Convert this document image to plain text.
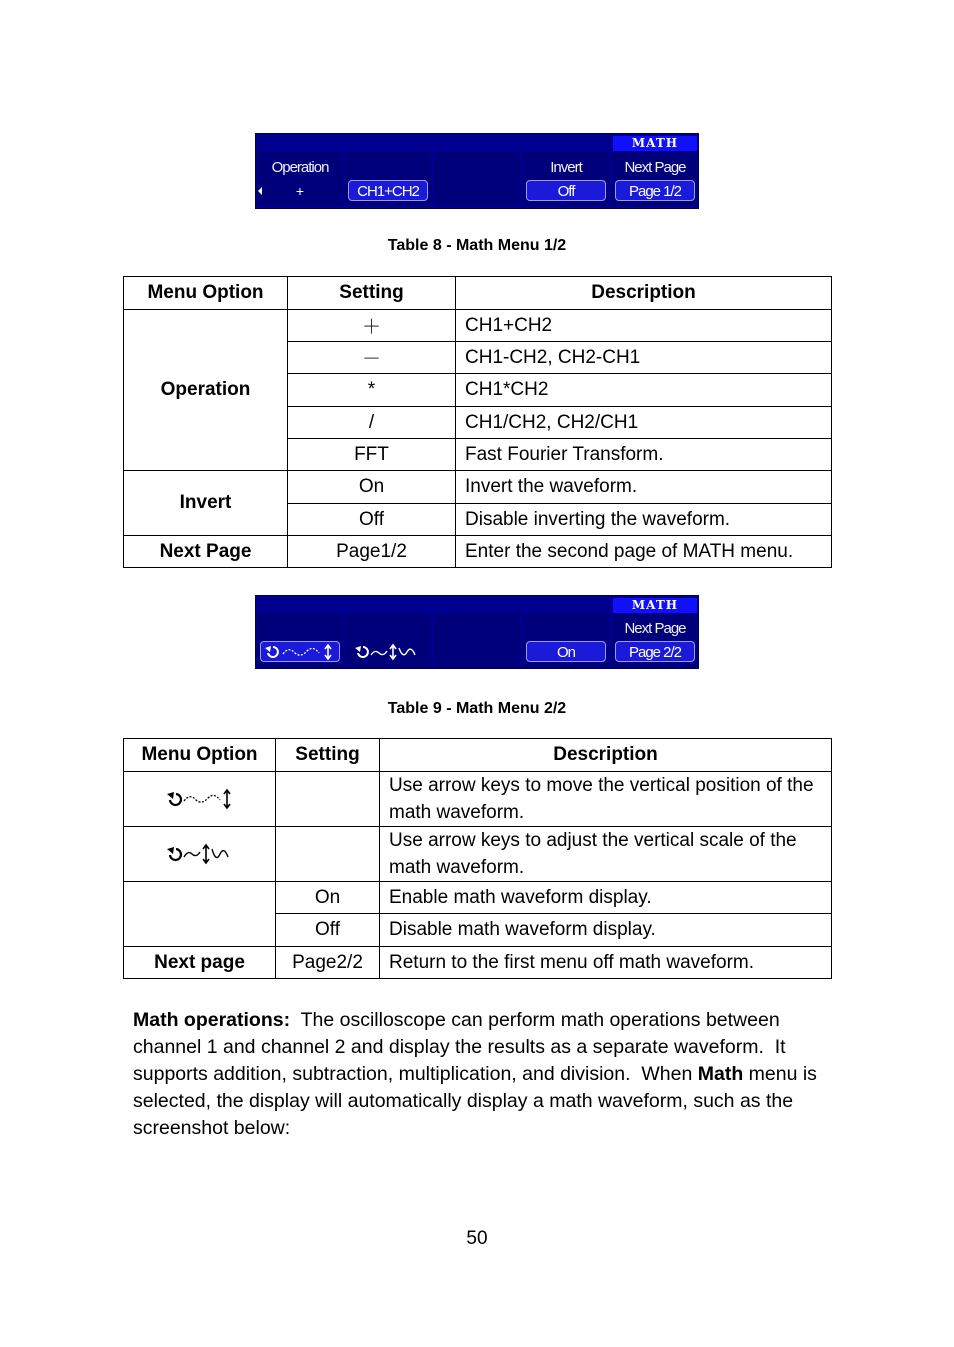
MATH
Operation
+	CH1+CH2
Invert
Off
Next Page
Page 1/2
Table 8 - Math Menu 1/2
Menu Option	Setting	Description
Operation	＋	CH1+CH2
	－	CH1-CH2, CH2-CH1
	*	CH1*CH2
	/	CH1/CH2, CH2/CH1
	FFT	Fast Fourier Transform.
Invert	On	Invert the waveform.
	Off	Disable inverting the waveform.
Next Page	Page1/2	Enter the second page of MATH menu.
MATH
On
Next Page
Page 2/2
Table 9 - Math Menu 2/2
Menu Option	Setting	Description

		Use arrow keys to move the vertical position of the math waveform.

		Use arrow keys to adjust the vertical scale of the math waveform.
	On	Enable math waveform display.
	Off	Disable math waveform display.
Next page	Page2/2	Return to the first menu off math waveform.
Math operations:  The oscilloscope can perform math operations between channel 1 and channel 2 and display the results as a separate waveform.  It supports addition, subtraction, multiplication, and division.  When Math menu is selected, the display will automatically display a math waveform, such as the screenshot below:
50
